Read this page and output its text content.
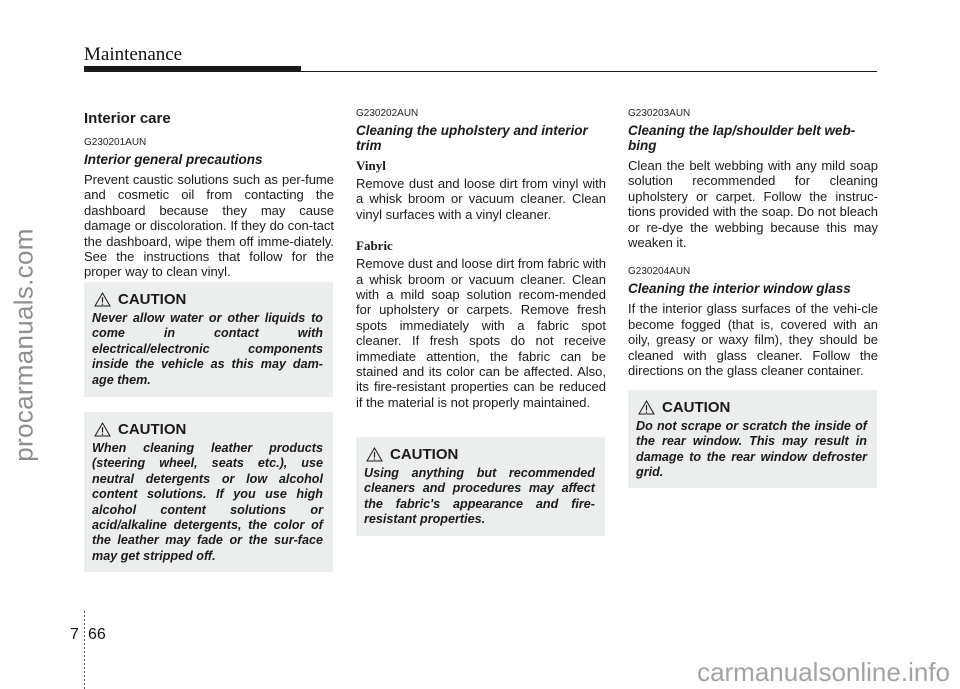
Maintenance
procarmanuals.com
carmanualsonline.info
Interior care
G230201AUN
Interior general precautions

Prevent caustic solutions such as per-fume and cosmetic oil from contacting the dashboard because they may cause damage or discoloration. If they do con-tact the dashboard, wipe them off imme-diately. See the instructions that follow for the proper way to clean vinyl.

CAUTION

Never allow water or other liquids to come in contact with electrical/electronic components inside the vehicle as this may dam-age them.

CAUTION

When cleaning leather products (steering wheel, seats etc.), use neutral detergents or low alcohol content solutions. If you use high alcohol content solutions or acid/alkaline detergents, the color of the leather may fade or the sur-face may get stripped off.

G230202AUN
Cleaning the upholstery and interior trim
Vinyl

Remove dust and loose dirt from vinyl with a whisk broom or vacuum cleaner. Clean vinyl surfaces with a vinyl cleaner.

Fabric

Remove dust and loose dirt from fabric with a whisk broom or vacuum cleaner. Clean with a mild soap solution recom-mended for upholstery or carpets. Remove fresh spots immediately with a fabric spot cleaner. If fresh spots do not receive immediate attention, the fabric can be stained and its color can be affected. Also, its fire-resistant properties can be reduced if the material is not properly maintained.

CAUTION

Using anything but recommended cleaners and procedures may affect the fabric's appearance and fire-resistant properties.

G230203AUN
Cleaning the lap/shoulder belt web-bing

Clean the belt webbing with any mild soap solution recommended for cleaning upholstery or carpet. Follow the instruc-tions provided with the soap. Do not bleach or re-dye the webbing because this may weaken it.

G230204AUN
Cleaning the interior window glass

If the interior glass surfaces of the vehi-cle become fogged (that is, covered with an oily, greasy or waxy film), they should be cleaned with glass cleaner. Follow the directions on the glass cleaner container.

CAUTION

Do not scrape or scratch the inside of the rear window. This may result in damage to the rear window defroster grid.

7 66
